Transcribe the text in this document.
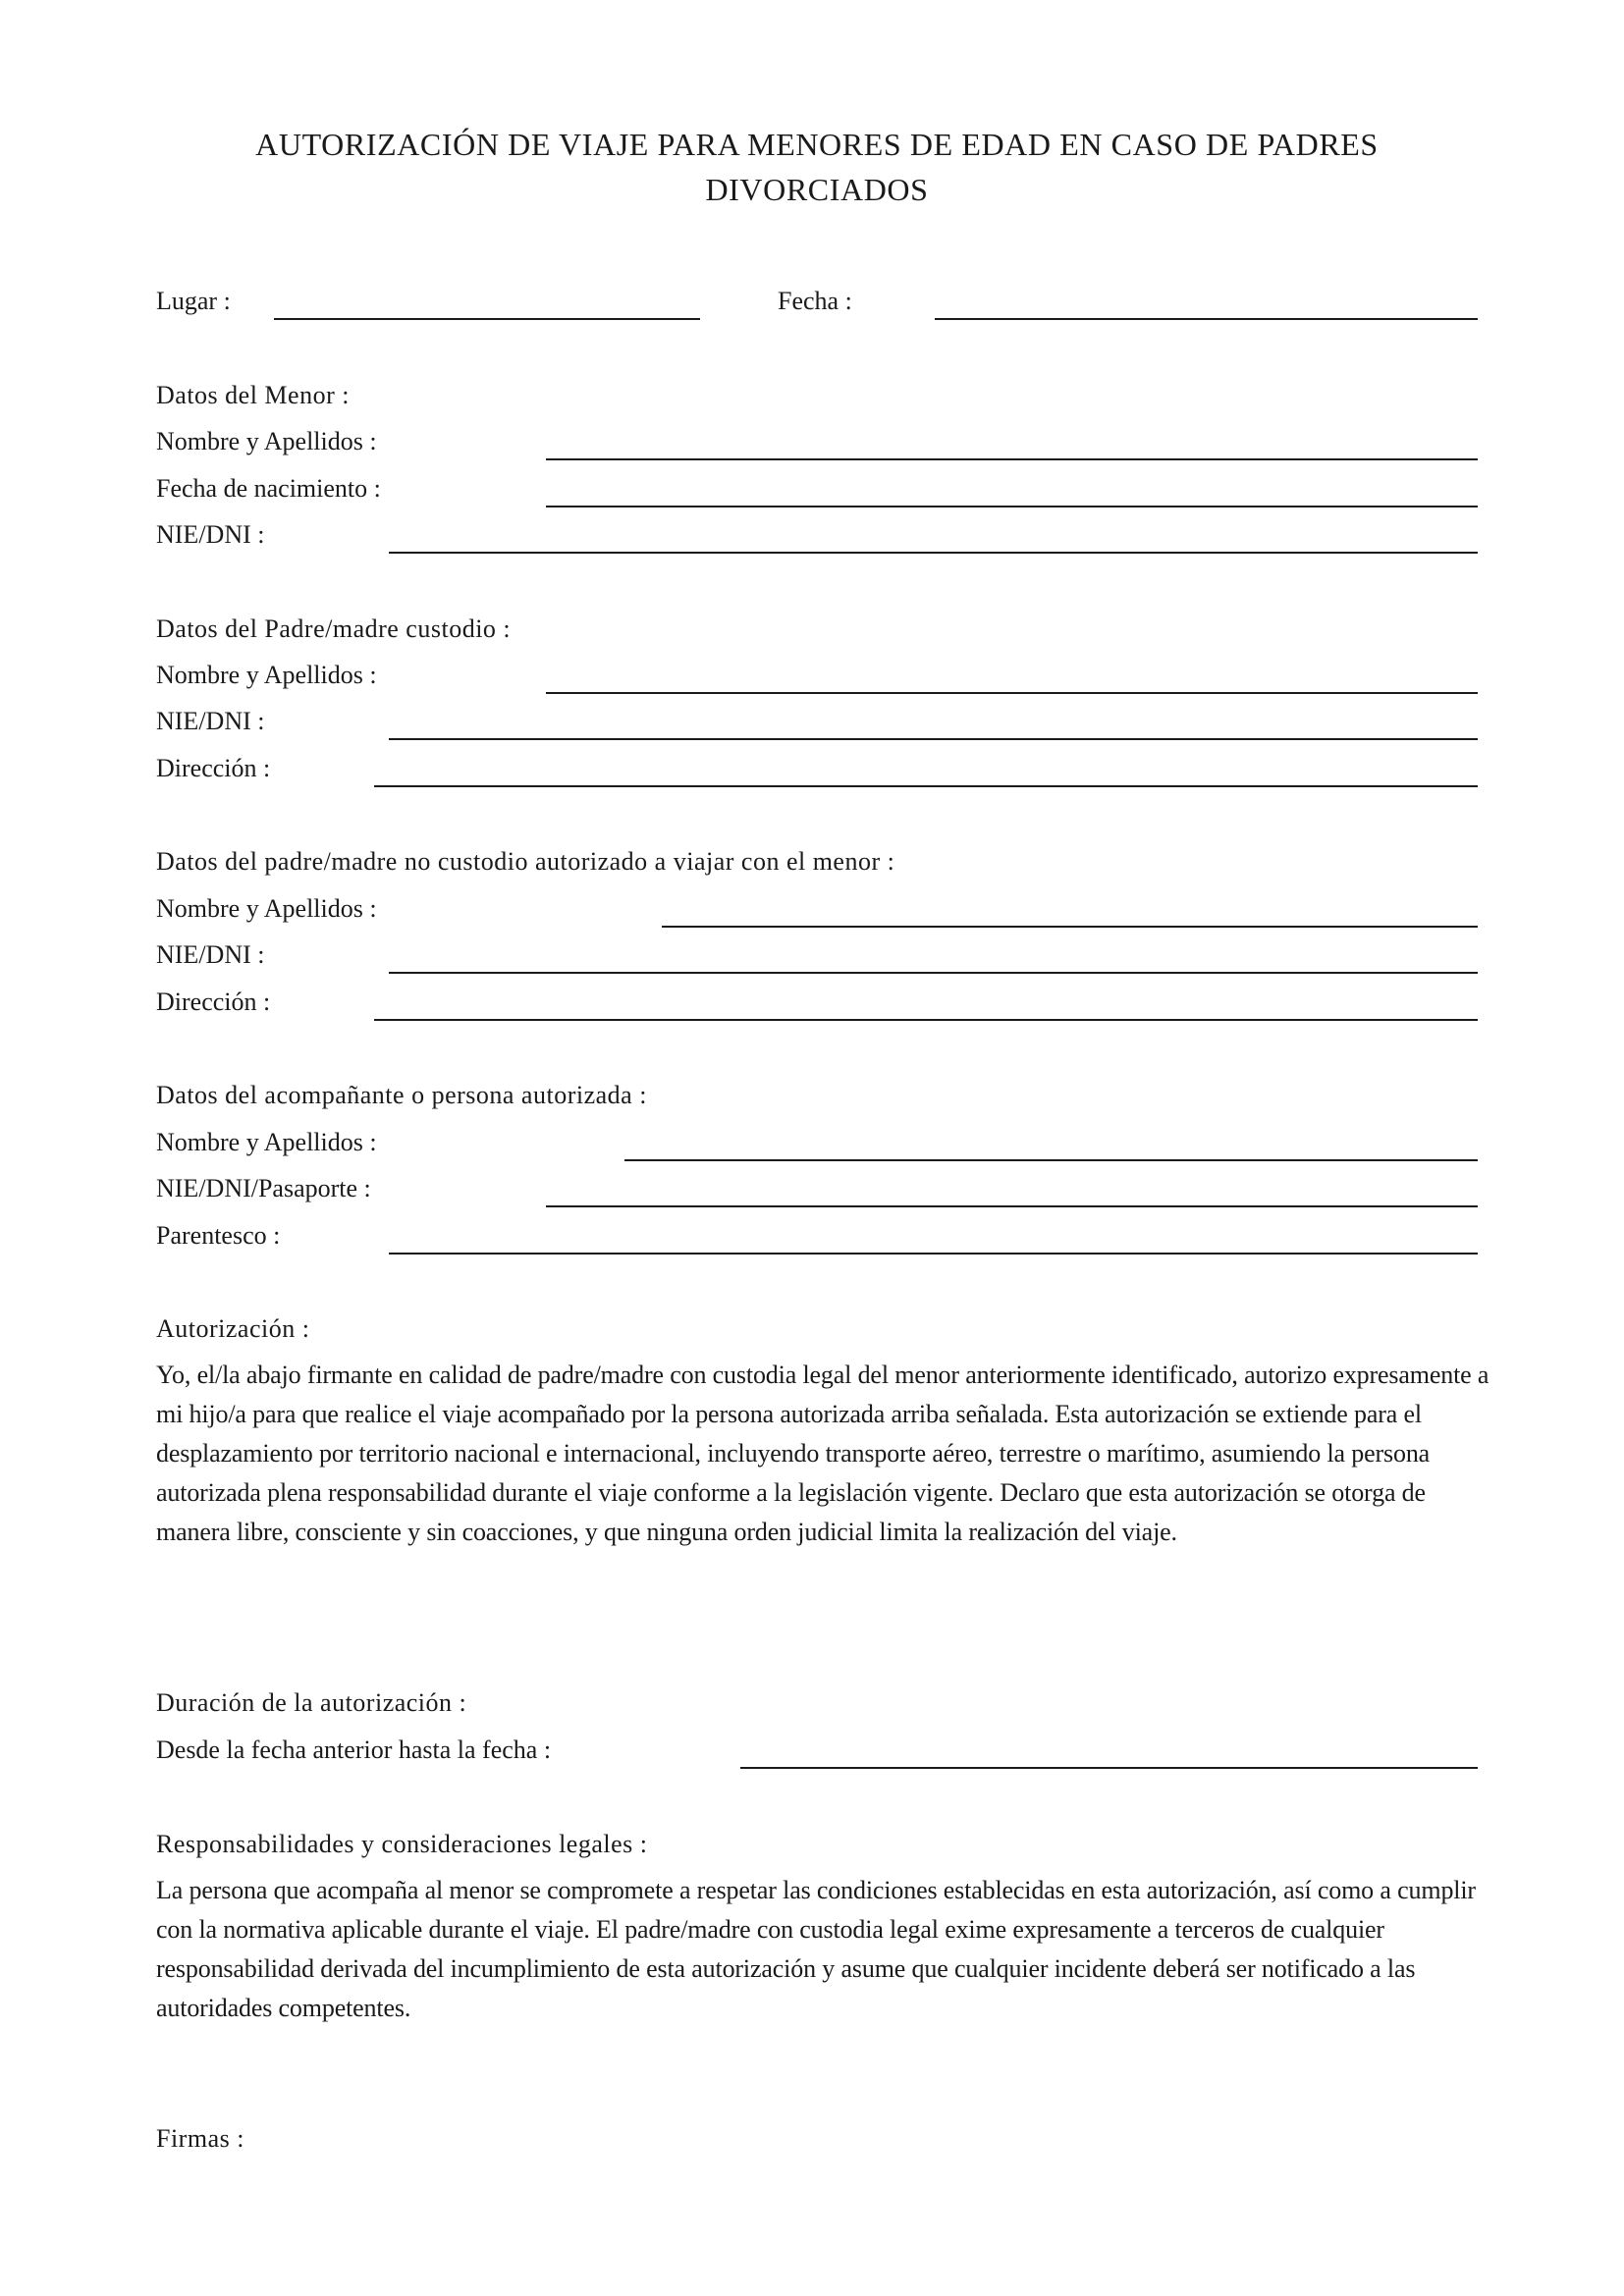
AUTORIZACIÓN DE VIAJE PARA MENORES DE EDAD EN CASO DE PADRES DIVORCIADOS
Lugar :	Fecha :
Datos del Menor :
Nombre y Apellidos :
Fecha de nacimiento :
NIE/DNI :
Datos del Padre/madre custodio :
Nombre y Apellidos :
NIE/DNI :
Dirección :
Datos del padre/madre no custodio autorizado a viajar con el menor :
Nombre y Apellidos :
NIE/DNI :
Dirección :
Datos del acompañante o persona autorizada :
Nombre y Apellidos :
NIE/DNI/Pasaporte :
Parentesco :
Autorización :
Yo, el/la abajo firmante en calidad de padre/madre con custodia legal del menor anteriormente identificado, autorizo expresamente a mi hijo/a para que realice el viaje acompañado por la persona autorizada arriba señalada. Esta autorización se extiende para el desplazamiento por territorio nacional e internacional, incluyendo transporte aéreo, terrestre o marítimo, asumiendo la persona autorizada plena responsabilidad durante el viaje conforme a la legislación vigente. Declaro que esta autorización se otorga de manera libre, consciente y sin coacciones, y que ninguna orden judicial limita la realización del viaje.
Duración de la autorización :
Desde la fecha anterior hasta la fecha :
Responsabilidades y consideraciones legales :
La persona que acompaña al menor se compromete a respetar las condiciones establecidas en esta autorización, así como a cumplir con la normativa aplicable durante el viaje. El padre/madre con custodia legal exime expresamente a terceros de cualquier responsabilidad derivada del incumplimiento de esta autorización y asume que cualquier incidente deberá ser notificado a las autoridades competentes.
Firmas :
